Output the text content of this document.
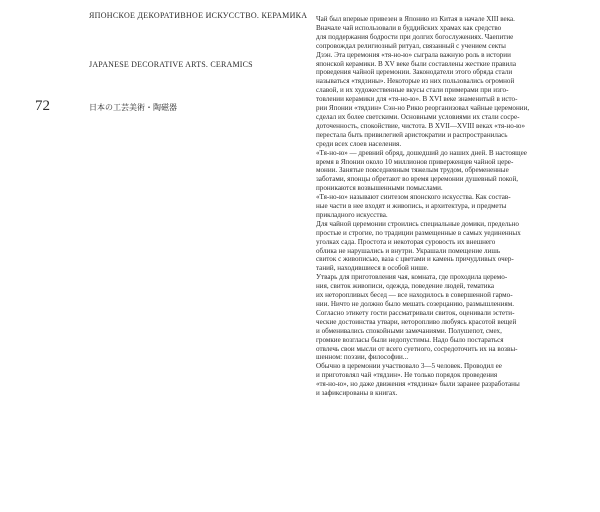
ЯПОНСКОЕ ДЕКОРАТИВНОЕ ИСКУССТВО. КЕРАМИКА
JAPANESE DECORATIVE ARTS. CERAMICS
72	日本の工芸美術・陶磁器
Чай был впервые привезен в Японию из Китая в начале XIII века.
Вначале чай использовали в буддийских храмах как средство
для поддержания бодрости при долгих богослужениях. Чаепитие
сопровождал религиозный ритуал, связанный с учением секты
Дзэн. Эта церемония «тя-но-ю» сыграла важную роль в истории
японской керамики. В XV веке были составлены жесткие правила
проведения чайной церемонии. Законодатели этого обряда стали
называться «тядзины». Некоторые из них пользовались огромной
славой, и их художественные вкусы стали примерами при изго-
товлении керамики для «тя-но-ю». В XVI веке знаменитый в исто-
рии Японии «тядзин» Сэн-но Рикю реорганизовал чайные церемонии,
сделал их более светскими. Основными условиями их стали сосре-
доточенность, спокойствие, чистота. В XVII—XVIII веках «тя-но-ю»
перестала быть привилегией аристократии и распространилась
среди всех слоев населения.
«Тя-но-ю» — древний обряд, дошедший до наших дней. В настоящее
время в Японии около 10 миллионов приверженцев чайной цере-
монии. Занятые повседневным тяжелым трудом, обремененные
заботами, японцы обретают во время церемонии душевный покой,
проникаются возвышенными помыслами.
«Тя-но-ю» называют синтезом японского искусства. Как состав-
ные части в нее входят и живопись, и архитектура, и предметы
прикладного искусства.
Для чайной церемонии строились специальные домики, предельно
простые и строгие, по традиции размещенные в самых уединенных
уголках сада. Простота и некоторая суровость их внешнего
облика не нарушались и внутри. Украшали помещение лишь
свиток с живописью, ваза с цветами и камень причудливых очер-
таний, находившиеся в особой нише.
Утварь для приготовления чая, комната, где проходила церемо-
ния, свиток живописи, одежда, поведение людей, тематика
их неторопливых бесед — все находилось в совершенной гармо-
нии. Ничто не должно было мешать созерцанию, размышлениям.
Согласно этикету гости рассматривали свиток, оценивали эстети-
ческие достоинства утвари, неторопливо любуясь красотой вещей
и обменивались спокойными замечаниями. Полушепот, смех,
громкие возгласы были недопустимы. Надо было постараться
отвлечь свои мысли от всего суетного, сосредоточить их на возвы-
шенном: поэзии, философии...
Обычно в церемонии участвовало 3—5 человек. Проводил ее
и приготовлял чай «тядзин». Не только порядок проведения
«тя-но-ю», но даже движения «тядзина» были заранее разработаны
и зафиксированы в книгах.
